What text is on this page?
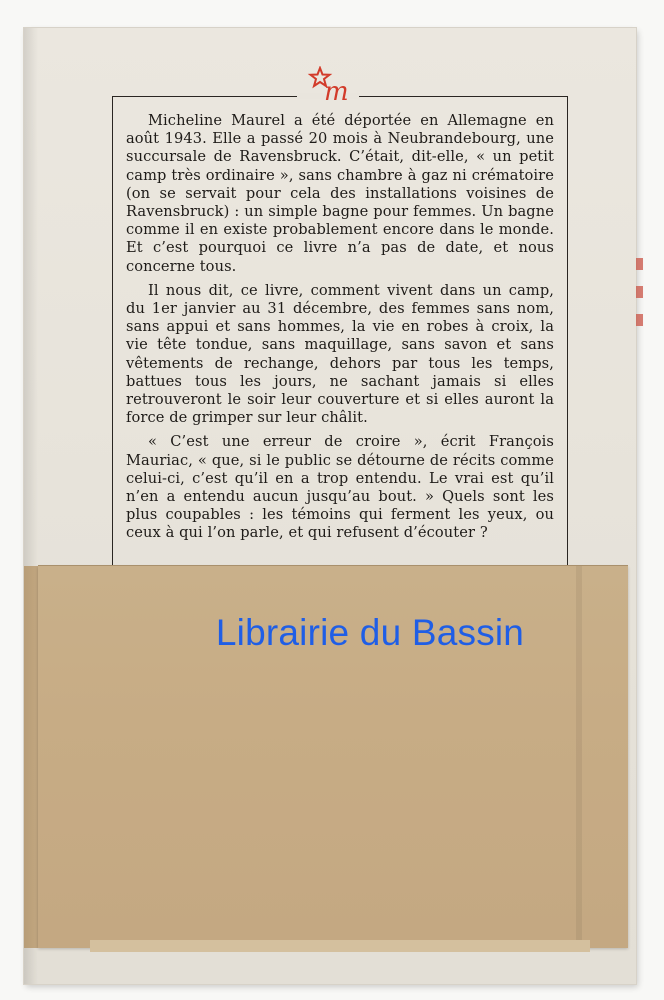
m

Micheline Maurel a été déportée en Allemagne en août 1943. Elle a passé 20 mois à Neubrandebourg, une succursale de Ravensbruck. C’était, dit-elle, « un petit camp très ordinaire », sans chambre à gaz ni crématoire (on se servait pour cela des installations voisines de Ravensbruck) : un simple bagne pour femmes. Un bagne comme il en existe probablement encore dans le monde. Et c’est pourquoi ce livre n’a pas de date, et nous concerne tous.

Il nous dit, ce livre, comment vivent dans un camp, du 1er janvier au 31 décembre, des femmes sans nom, sans appui et sans hommes, la vie en robes à croix, la vie tête tondue, sans maquillage, sans savon et sans vêtements de rechange, dehors par tous les temps, battues tous les jours, ne sachant jamais si elles retrouveront le soir leur couverture et si elles auront la force de grimper sur leur châlit.

« C’est une erreur de croire », écrit François Mauriac, « que, si le public se détourne de récits comme celui-ci, c’est qu’il en a trop entendu. Le vrai est qu’il n’en a entendu aucun jusqu’au bout. » Quels sont les plus coupables : les témoins qui ferment les yeux, ou ceux à qui l’on parle, et qui refusent d’écouter ?

Librairie du Bassin
